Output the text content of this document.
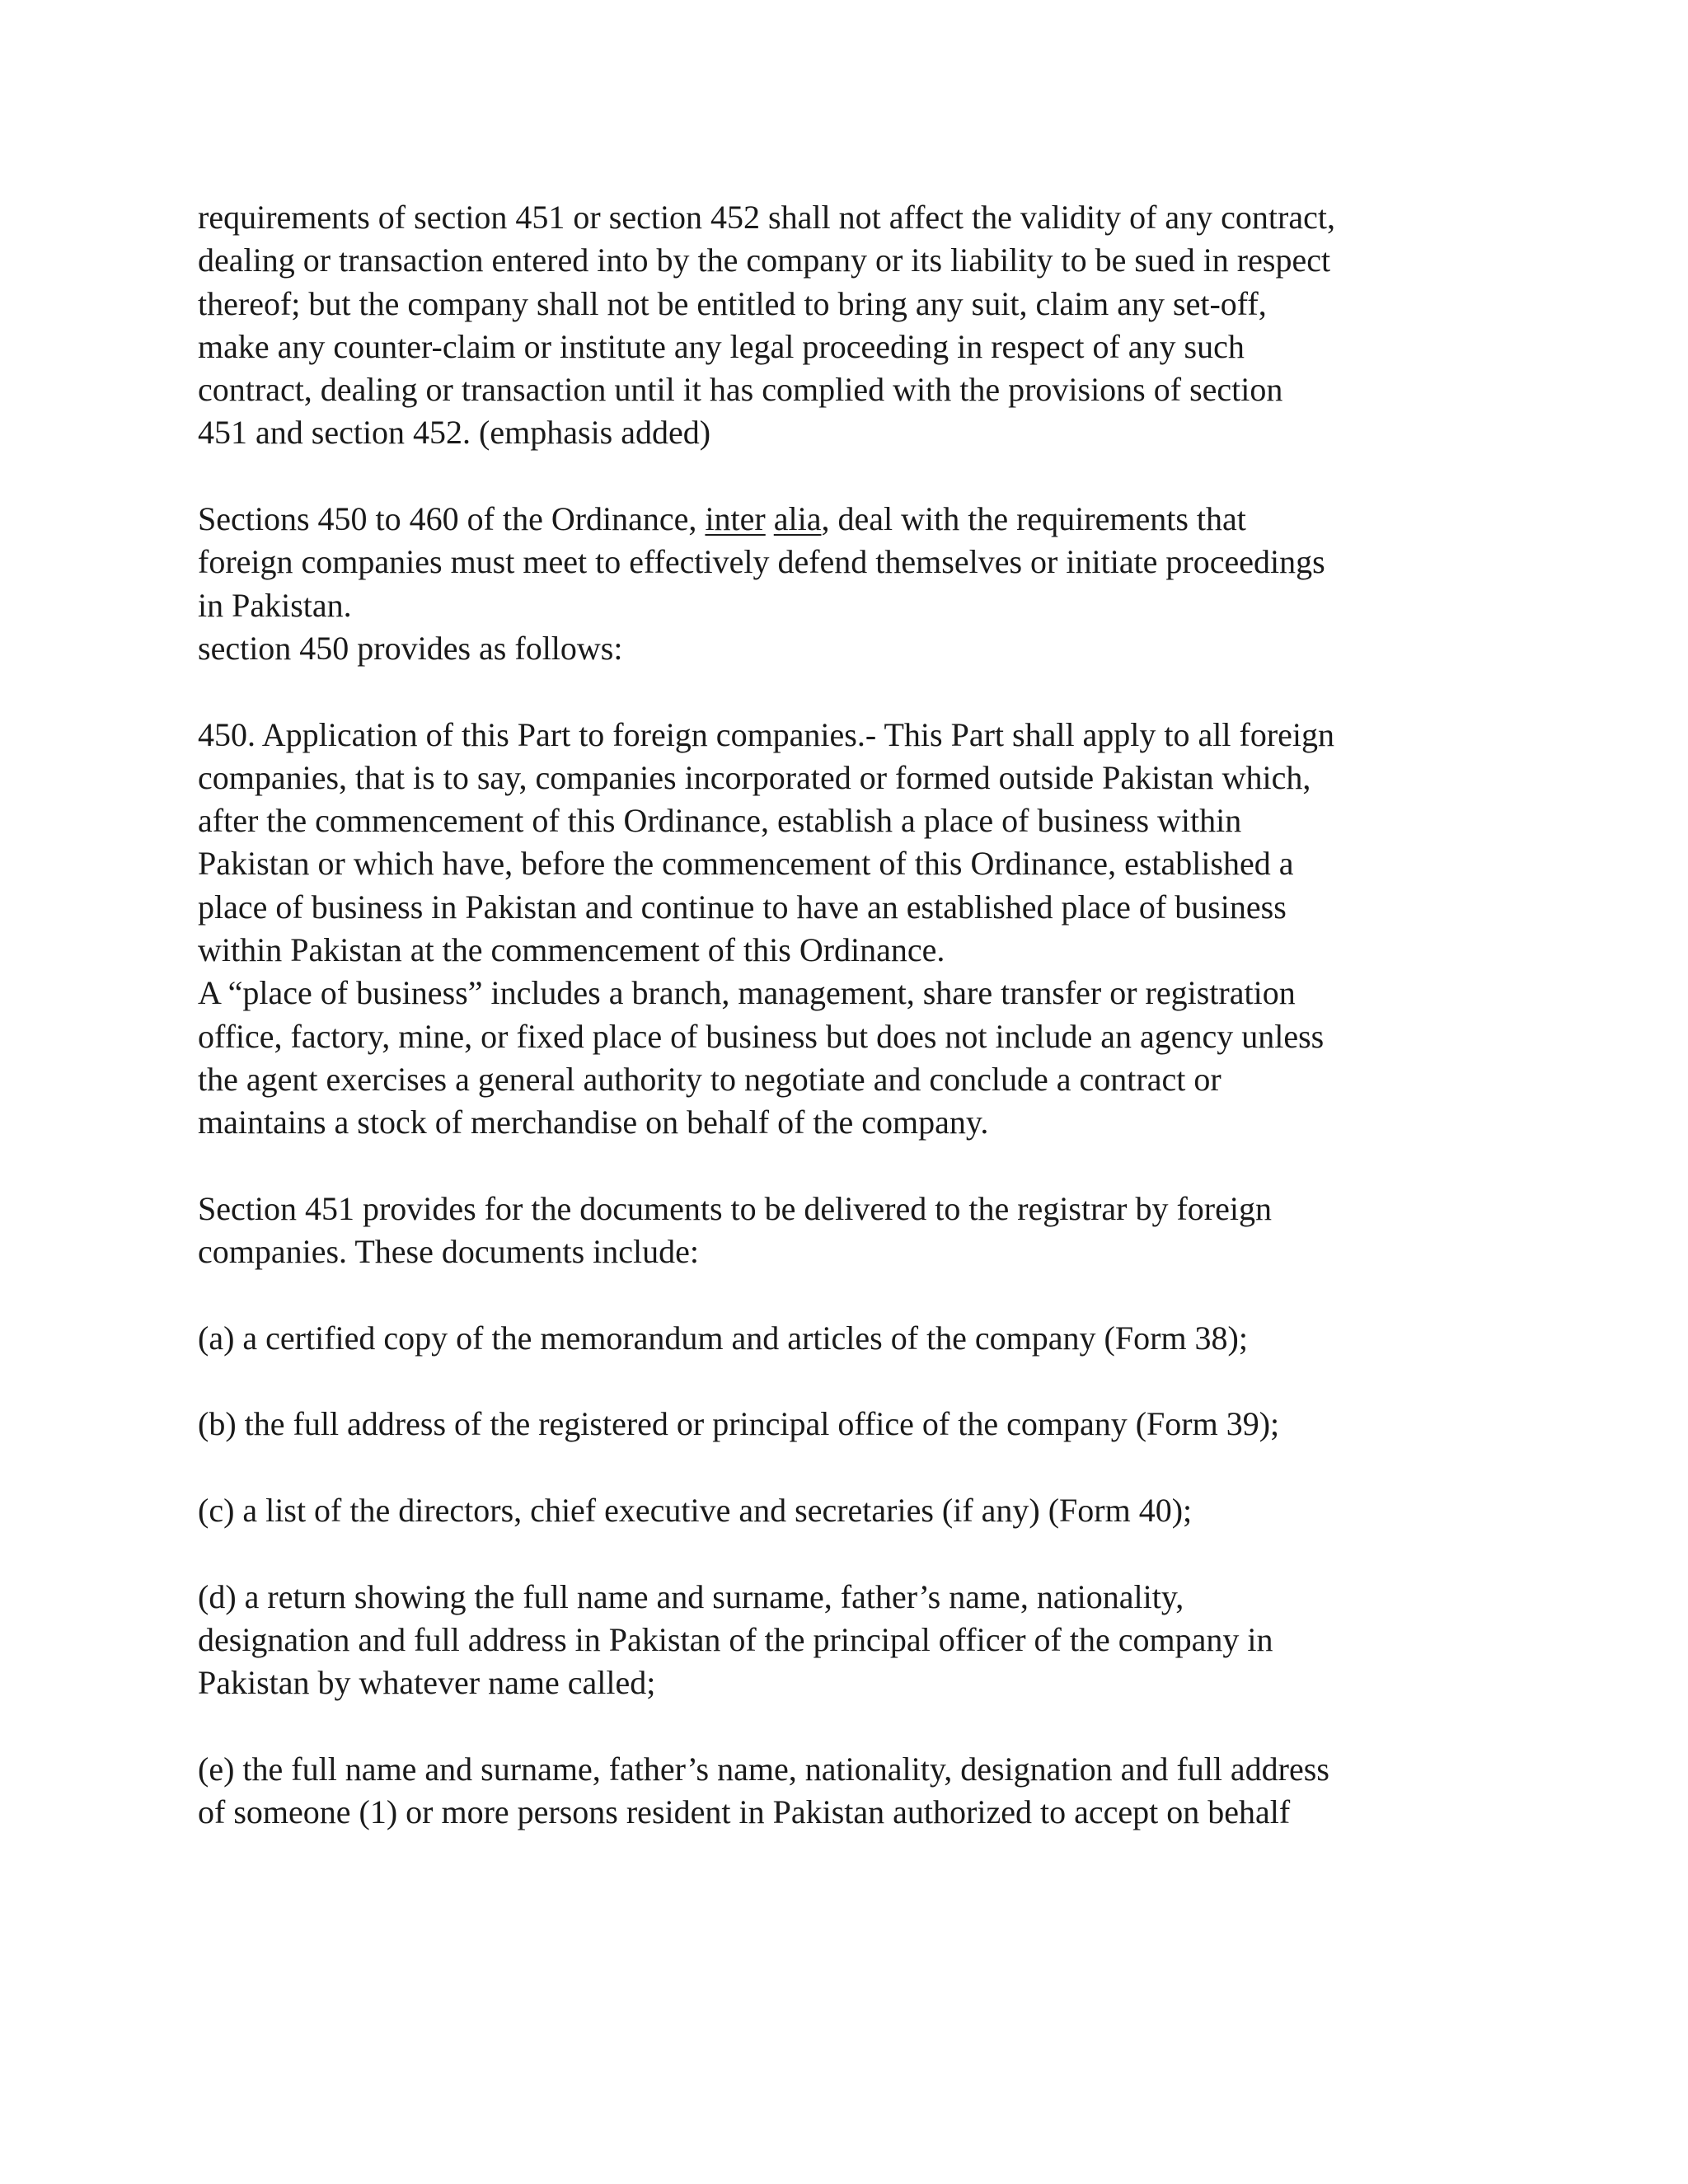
requirements of section 451 or section 452 shall not affect the validity of any contract,
dealing or transaction entered into by the company or its liability to be sued in respect
thereof; but the company shall not be entitled to bring any suit, claim any set-off,
make any counter-claim or institute any legal proceeding in respect of any such
contract, dealing or transaction until it has complied with the provisions of section
451 and section 452. (emphasis added)
Sections 450 to 460 of the Ordinance, inter alia, deal with the requirements that
foreign companies must meet to effectively defend themselves or initiate proceedings
in Pakistan.
section 450 provides as follows:
450. Application of this Part to foreign companies.- This Part shall apply to all foreign
companies, that is to say, companies incorporated or formed outside Pakistan which,
after the commencement of this Ordinance, establish a place of business within
Pakistan or which have, before the commencement of this Ordinance, established a
place of business in Pakistan and continue to have an established place of business
within Pakistan at the commencement of this Ordinance.
A “place of business” includes a branch, management, share transfer or registration
office, factory, mine, or fixed place of business but does not include an agency unless
the agent exercises a general authority to negotiate and conclude a contract or
maintains a stock of merchandise on behalf of the company.
Section 451 provides for the documents to be delivered to the registrar by foreign
companies. These documents include:
(a) a certified copy of the memorandum and articles of the company (Form 38);
(b) the full address of the registered or principal office of the company (Form 39);
(c) a list of the directors, chief executive and secretaries (if any) (Form 40);
(d) a return showing the full name and surname, father’s name, nationality,
designation and full address in Pakistan of the principal officer of the company in
Pakistan by whatever name called;
(e) the full name and surname, father’s name, nationality, designation and full address
of someone (1) or more persons resident in Pakistan authorized to accept on behalf
